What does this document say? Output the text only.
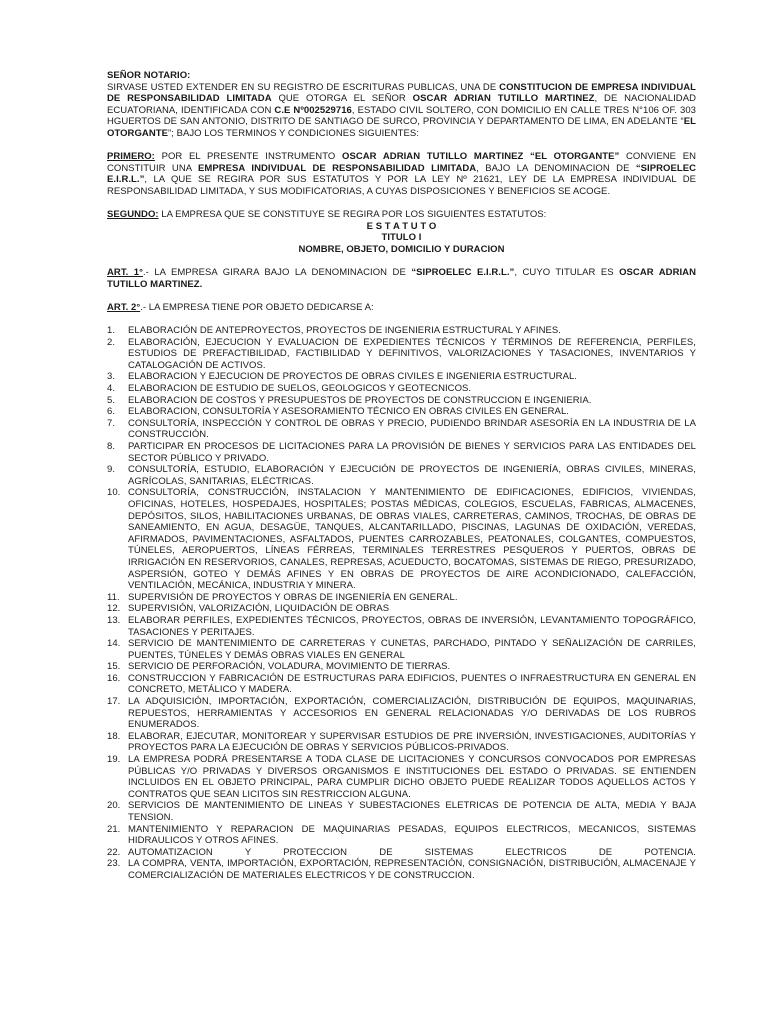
SEÑOR NOTARIO:

SIRVASE USTED EXTENDER EN SU REGISTRO DE ESCRITURAS PUBLICAS, UNA DE CONSTITUCION DE EMPRESA INDIVIDUAL DE RESPONSABILIDAD LIMITADA QUE OTORGA EL SEÑOR OSCAR ADRIAN TUTILLO MARTINEZ, DE NACIONALIDAD ECUATORIANA, IDENTIFICADA CON C.E Nº002529716, ESTADO CIVIL SOLTERO, CON DOMICILIO EN CALLE TRES N°106 OF. 303 HGUERTOS DE SAN ANTONIO, DISTRITO DE SANTIAGO DE SURCO, PROVINCIA Y DEPARTAMENTO DE LIMA, EN ADELANTE “EL OTORGANTE”; BAJO LOS TERMINOS Y CONDICIONES SIGUIENTES:

PRIMERO: POR EL PRESENTE INSTRUMENTO OSCAR ADRIAN TUTILLO MARTINEZ “EL OTORGANTE” CONVIENE EN CONSTITUIR UNA EMPRESA INDIVIDUAL DE RESPONSABILIDAD LIMITADA, BAJO LA DENOMINACION DE “SIPROELEC E.I.R.L.”, LA QUE SE REGIRA POR SUS ESTATUTOS Y POR LA LEY Nº 21621, LEY DE LA EMPRESA INDIVIDUAL DE RESPONSABILIDAD LIMITADA, Y SUS MODIFICATORIAS, A CUYAS DISPOSICIONES Y BENEFICIOS SE ACOGE.

SEGUNDO: LA EMPRESA QUE SE CONSTITUYE SE REGIRA POR LOS SIGUIENTES ESTATUTOS:

E S T A T U T O

TITULO I

NOMBRE, OBJETO, DOMICILIO Y DURACION

ART. 1°.- LA EMPRESA GIRARA BAJO LA DENOMINACION DE “SIPROELEC E.I.R.L.”, CUYO TITULAR ES OSCAR ADRIAN TUTILLO MARTINEZ.

ART. 2°.- LA EMPRESA TIENE POR OBJETO DEDICARSE A:

1.	ELABORACIÓN DE ANTEPROYECTOS, PROYECTOS DE INGENIERIA ESTRUCTURAL Y AFINES.
2.	ELABORACIÓN, EJECUCION Y EVALUACION DE EXPEDIENTES TÉCNICOS Y TÉRMINOS DE REFERENCIA, PERFILES, ESTUDIOS DE PREFACTIBILIDAD, FACTIBILIDAD Y DEFINITIVOS, VALORIZACIONES Y TASACIONES, INVENTARIOS Y CATALOGACIÓN DE ACTIVOS.
3.	ELABORACION Y EJECUCION DE PROYECTOS DE OBRAS CIVILES E INGENIERIA ESTRUCTURAL.
4.	ELABORACION DE ESTUDIO DE SUELOS, GEOLOGICOS Y GEOTECNICOS.
5.	ELABORACION DE COSTOS Y PRESUPUESTOS DE PROYECTOS DE CONSTRUCCION E INGENIERIA.
6.	ELABORACION, CONSULTORÍA Y ASESORAMIENTO TÉCNICO EN OBRAS CIVILES EN GENERAL.
7.	CONSULTORÍA, INSPECCIÓN Y CONTROL DE OBRAS Y PRECIO, PUDIENDO BRINDAR ASESORÍA EN LA INDUSTRIA DE LA CONSTRUCCIÓN.
8.	PARTICIPAR EN PROCESOS DE LICITACIONES PARA LA PROVISIÓN DE BIENES Y SERVICIOS PARA LAS ENTIDADES DEL SECTOR PÚBLICO Y PRIVADO.
9.	CONSULTORÍA, ESTUDIO, ELABORACIÓN Y EJECUCIÓN DE PROYECTOS DE INGENIERÍA, OBRAS CIVILES, MINERAS, AGRÍCOLAS, SANITARIAS, ELÉCTRICAS.
10. CONSULTORÍA, CONSTRUCCIÓN, INSTALACION Y MANTENIMIENTO DE EDIFICACIONES, EDIFICIOS, VIVIENDAS, OFICINAS, HOTELES, HOSPEDAJES, HOSPITALES; POSTAS MÉDICAS, COLEGIOS, ESCUELAS, FABRICAS, ALMACENES, DEPÓSITOS, SILOS, HABILITACIONES URBANAS, DE OBRAS VIALES, CARRETERAS, CAMINOS, TROCHAS, DE OBRAS DE SANEAMIENTO, EN AGUA, DESAGÜE, TANQUES, ALCANTARILLADO, PISCINAS, LAGUNAS DE OXIDACIÓN, VEREDAS, AFIRMADOS, PAVIMENTACIONES, ASFALTADOS, PUENTES CARROZABLES, PEATONALES, COLGANTES, COMPUESTOS, TÚNELES, AEROPUERTOS, LÍNEAS FÉRREAS, TERMINALES TERRESTRES PESQUEROS Y PUERTOS, OBRAS DE IRRIGACIÓN EN RESERVORIOS, CANALES, REPRESAS, ACUEDUCTO, BOCATOMAS, SISTEMAS DE RIEGO, PRESURIZADO, ASPERSIÓN, GOTEO Y DEMÁS AFINES Y EN OBRAS DE PROYECTOS DE AIRE ACONDICIONADO, CALEFACCIÓN, VENTILACIÓN, MECÁNICA, INDUSTRIA Y MINERA.
11. SUPERVISIÓN DE PROYECTOS Y OBRAS DE INGENIERÍA EN GENERAL.
12. SUPERVISIÓN, VALORIZACIÓN, LIQUIDACIÓN DE OBRAS
13. ELABORAR PERFILES, EXPEDIENTES TÉCNICOS, PROYECTOS, OBRAS DE INVERSIÓN, LEVANTAMIENTO TOPOGRÁFICO, TASACIONES Y PERITAJES.
14. SERVICIO DE MANTENIMIENTO DE CARRETERAS Y CUNETAS, PARCHADO, PINTADO Y SEÑALIZACIÓN DE CARRILES, PUENTES, TÚNELES Y DEMÁS OBRAS VIALES EN GENERAL
15. SERVICIO DE PERFORACIÓN, VOLADURA, MOVIMIENTO DE TIERRAS.
16. CONSTRUCCION Y FABRICACIÓN DE ESTRUCTURAS PARA EDIFICIOS, PUENTES O INFRAESTRUCTURA EN GENERAL EN CONCRETO, METÁLICO Y MADERA.
17. LA ADQUISICIÓN, IMPORTACIÓN, EXPORTACIÓN, COMERCIALIZACIÓN, DISTRIBUCIÓN DE EQUIPOS, MAQUINARIAS, REPUESTOS, HERRAMIENTAS Y ACCESORIOS EN GENERAL RELACIONADAS Y/O DERIVADAS DE LOS RUBROS ENUMERADOS.
18. ELABORAR, EJECUTAR, MONITOREAR Y SUPERVISAR ESTUDIOS DE PRE INVERSIÓN, INVESTIGACIONES, AUDITORÍAS Y PROYECTOS PARA LA EJECUCIÓN DE OBRAS Y SERVICIOS PÚBLICOS-PRIVADOS.
19. LA EMPRESA PODRÁ PRESENTARSE A TODA CLASE DE LICITACIONES Y CONCURSOS CONVOCADOS POR EMPRESAS PÚBLICAS Y/O PRIVADAS Y DIVERSOS ORGANISMOS E INSTITUCIONES DEL ESTADO O PRIVADAS. SE ENTIENDEN INCLUIDOS EN EL OBJETO PRINCIPAL, PARA CUMPLIR DICHO OBJETO PUEDE REALIZAR TODOS AQUELLOS ACTOS Y CONTRATOS QUE SEAN LICITOS SIN RESTRICCION ALGUNA.
20. SERVICIOS DE MANTENIMIENTO DE LINEAS Y SUBESTACIONES ELETRICAS DE POTENCIA DE ALTA, MEDIA Y BAJA TENSION.
21. MANTENIMIENTO Y REPARACION DE MAQUINARIAS PESADAS, EQUIPOS ELECTRICOS, MECANICOS, SISTEMAS HIDRAULICOS Y OTROS AFINES.
22. AUTOMATIZACION Y PROTECCION DE SISTEMAS ELECTRICOS DE POTENCIA.
23. LA COMPRA, VENTA, IMPORTACIÓN, EXPORTACIÓN, REPRESENTACIÓN, CONSIGNACIÓN, DISTRIBUCIÓN, ALMACENAJE Y COMERCIALIZACIÓN DE MATERIALES ELECTRICOS Y DE CONSTRUCCION.
